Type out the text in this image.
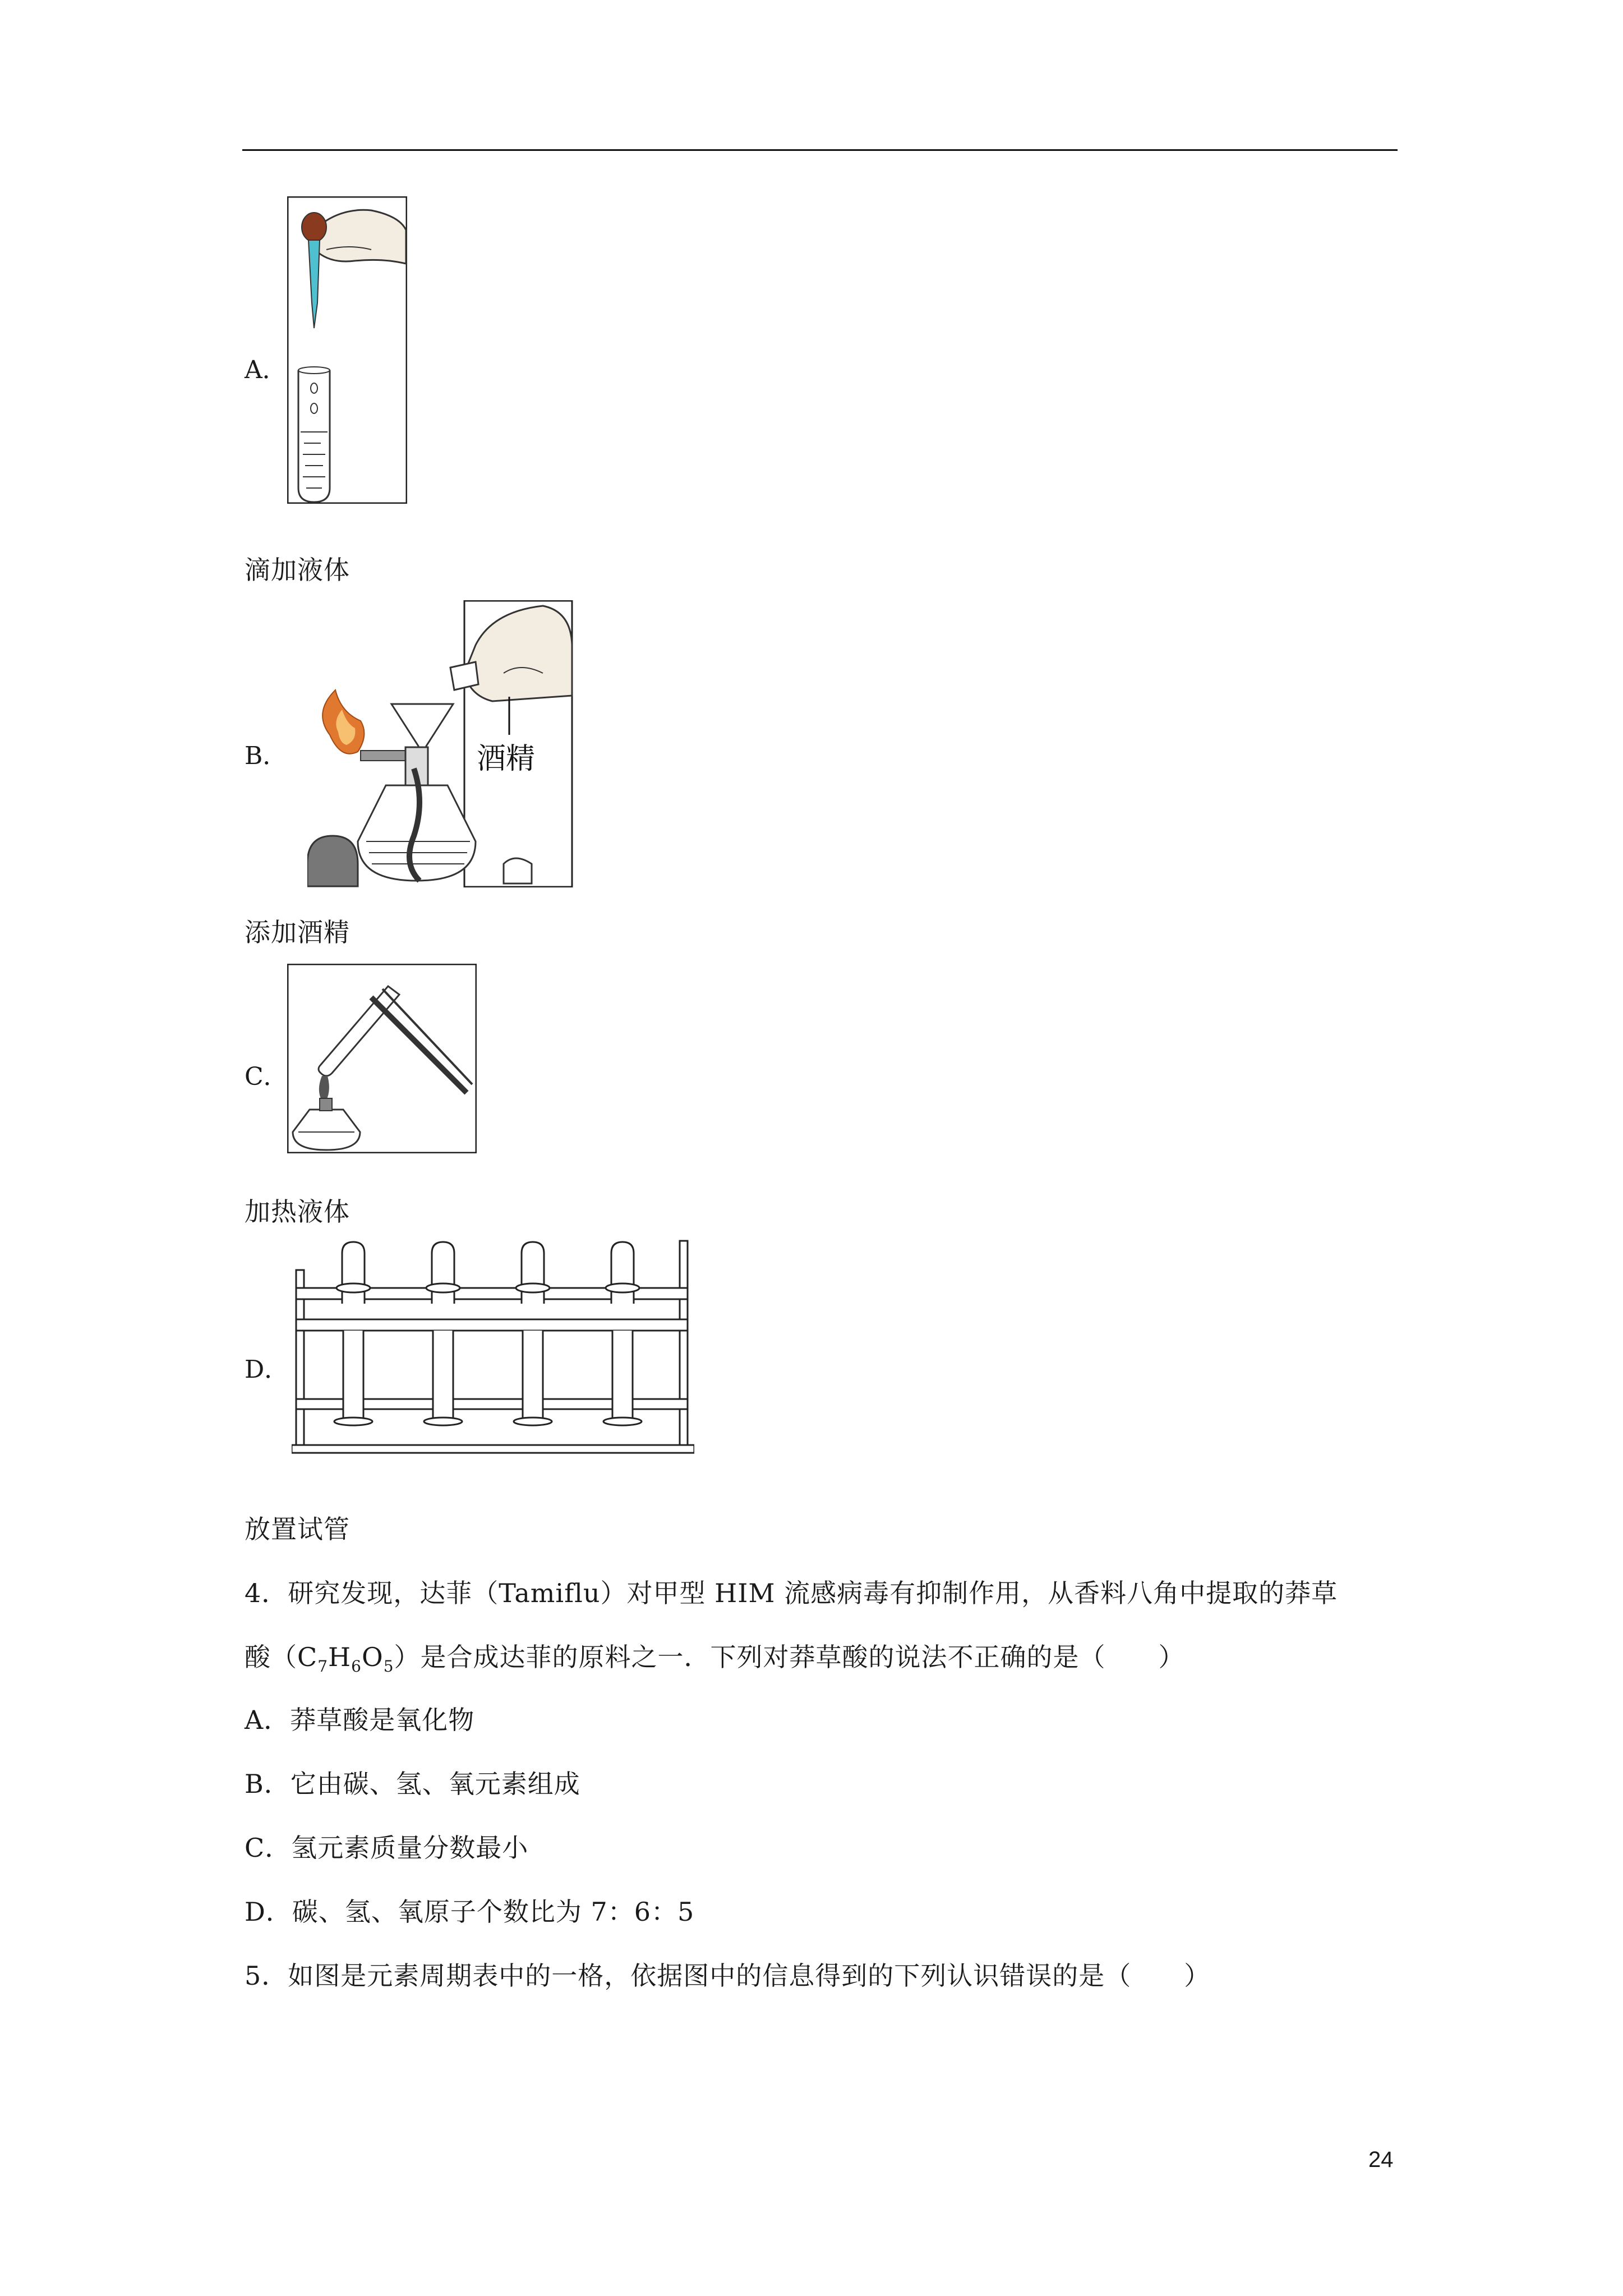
A．
滴加液体
B．	酒精
添加酒精
C．
加热液体
D．
放置试管
4．研究发现，达菲（Tamiflu）对甲型 HIM 流感病毒有抑制作用，从香料八角中提取的莽草
酸$(C_7H_6O_5)$是合成达菲的原料之一．下列对莽草酸的说法不正确的是（　　）
A．莽草酸是氧化物
B．它由碳、氢、氧元素组成
C．氢元素质量分数最小
D．碳、氢、氧原子个数比为 7：6：5
5．如图是元素周期表中的一格，依据图中的信息得到的下列认识错误的是（　　）
24
